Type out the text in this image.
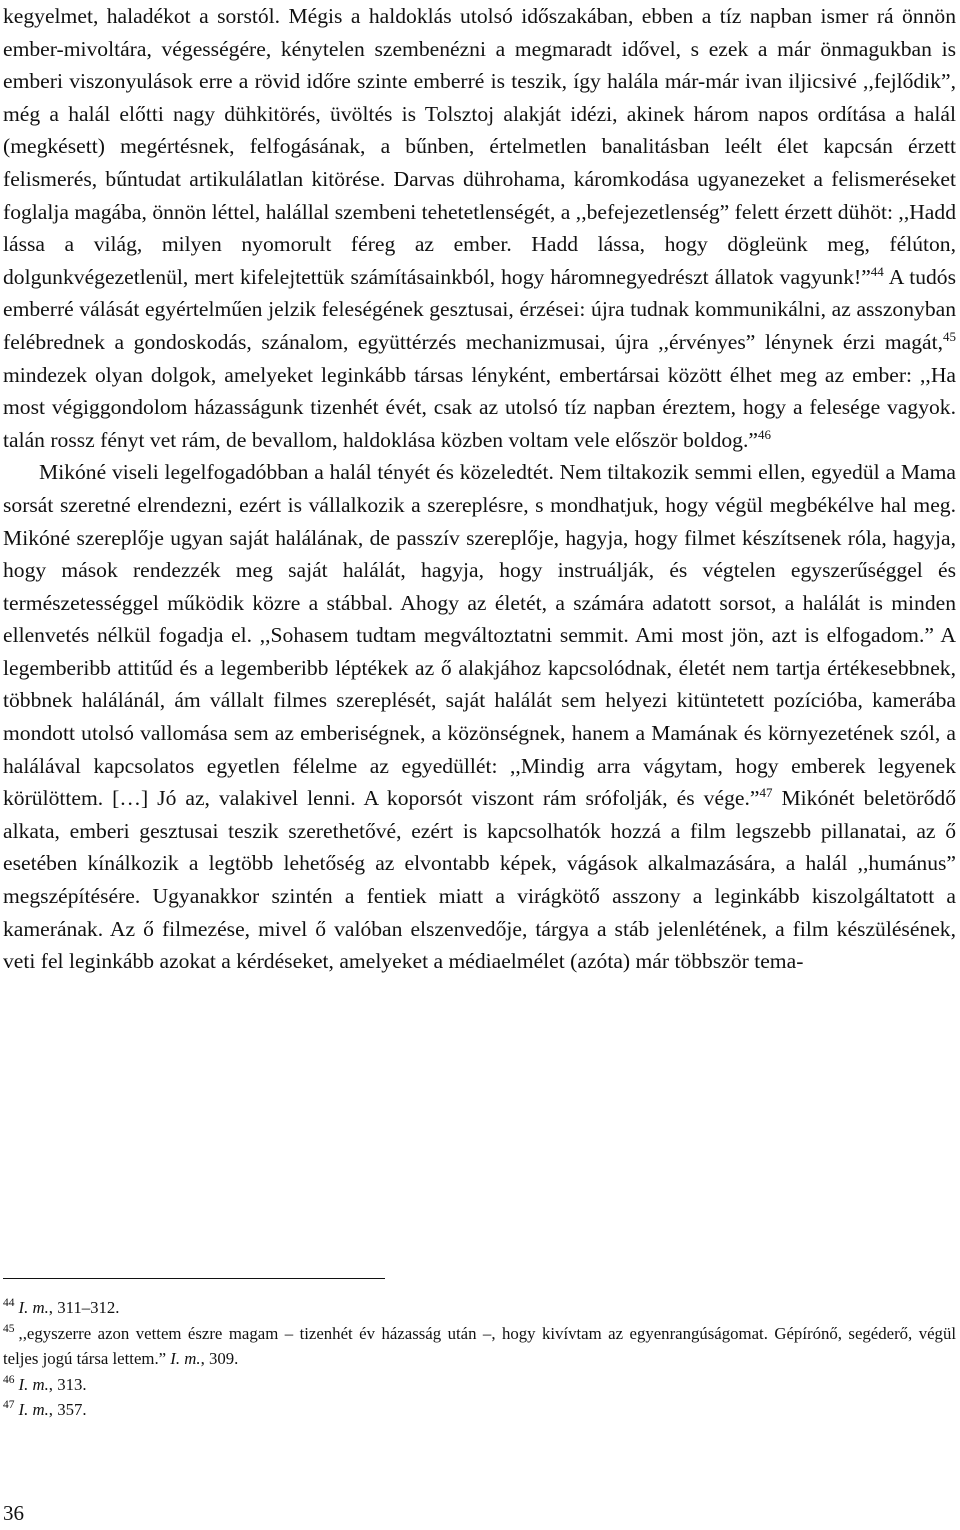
kegyelmet, haladékot a sorstól. Mégis a haldoklás utolsó időszakában, ebben a tíz napban ismer rá önnön ember-mivoltára, végességére, kénytelen szembenézni a megmaradt idővel, s ezek a már önmagukban is emberi viszonyulások erre a rövid időre szinte emberré is teszik, így halála már-már ivan iljicsivé ,,fejlődik”, még a halál előtti nagy dühkitörés, üvöltés is Tolsztoj alakját idézi, akinek három napos ordítása a halál (megkésett) megértésnek, felfogásának, a bűnben, értelmetlen banalitásban leélt élet kapcsán érzett felismerés, bűntudat artikulálatlan kitörése. Darvas dührohama, káromkodása ugyanezeket a felismeréseket foglalja magába, önnön léttel, halállal szembeni tehetetlenségét, a ,,befejezetlenség” felett érzett dühöt: ,,Hadd lássa a világ, milyen nyomorult féreg az ember. Hadd lássa, hogy dögleünk meg, félúton, dolgunkvégezetlenül, mert kifelejtettük számításainkból, hogy háromnegyedrészt állatok vagyunk!”$^{44}$ A tudós emberré válását egyértelműen jelzik feleségének gesztusai, érzései: újra tudnak kommunikálni, az asszonyban felébrednek a gondoskodás, szánalom, együttérzés mechanizmusai, újra ,,érvényes” lénynek érzi magát,$^{45}$ mindezek olyan dolgok, amelyeket leginkább társas lényként, embertársai között élhet meg az ember: ,,Ha most végiggondolom házasságunk tizenhét évét, csak az utolsó tíz napban éreztem, hogy a felesége vagyok. talán rossz fényt vet rám, de bevallom, haldoklása közben voltam vele először boldog.”$^{46}$
Mikóné viseli legelfogadóbban a halál tényét és közeledtét. Nem tiltakozik semmi ellen, egyedül a Mama sorsát szeretné elrendezni, ezért is vállalkozik a szereplésre, s mondhatjuk, hogy végül megbékélve hal meg. Mikóné szereplője ugyan saját halálának, de passzív szereplője, hagyja, hogy filmet készítsenek róla, hagyja, hogy mások rendezzék meg saját halálát, hagyja, hogy instruálják, és végtelen egyszerűséggel és természetességgel működik közre a stábbal. Ahogy az életét, a számára adatott sorsot, a halálát is minden ellenvetés nélkül fogadja el. ,,Sohasem tudtam megváltoztatni semmit. Ami most jön, azt is elfogadom.” A legemberibb attitűd és a legemberibb léptékek az ő alakjához kapcsolódnak, életét nem tartja értékesebbnek, többnek halálánál, ám vállalt filmes szereplését, saját halálát sem helyezi kitüntetett pozícióba, kamerába mondott utolsó vallomása sem az emberiségnek, a közönségnek, hanem a Mamának és környezetének szól, a halálával kapcsolatos egyetlen félelme az egyedüllét: ,,Mindig arra vágytam, hogy emberek legyenek körülöttem. […] Jó az, valakivel lenni. A koporsót viszont rám srófolják, és vége.”$^{47}$ Mikónét beletörődő alkata, emberi gesztusai teszik szerethetővé, ezért is kapcsolhatók hozzá a film legszebb pillanatai, az ő esetében kínálkozik a legtöbb lehetőség az elvontabb képek, vágások alkalmazására, a halál ,,humánus” megszépítésére. Ugyanakkor szintén a fentiek miatt a virágkötő asszony a leginkább kiszolgáltatott a kamerának. Az ő filmezése, mivel ő valóban elszenvedője, tárgya a stáb jelenlétének, a film készülésének, veti fel leginkább azokat a kérdéseket, amelyeket a médiaelmélet (azóta) már többször tema-

$^{44}$ I. m., 311–312.

$^{45}$ ,,egyszerre azon vettem észre magam – tizenhét év házasság után –, hogy kivívtam az egyenrangúságomat. Gépírónő, segéderő, végül teljes jogú társa lettem.” I. m., 309.

$^{46}$ I. m., 313.

$^{47}$ I. m., 357.

36
